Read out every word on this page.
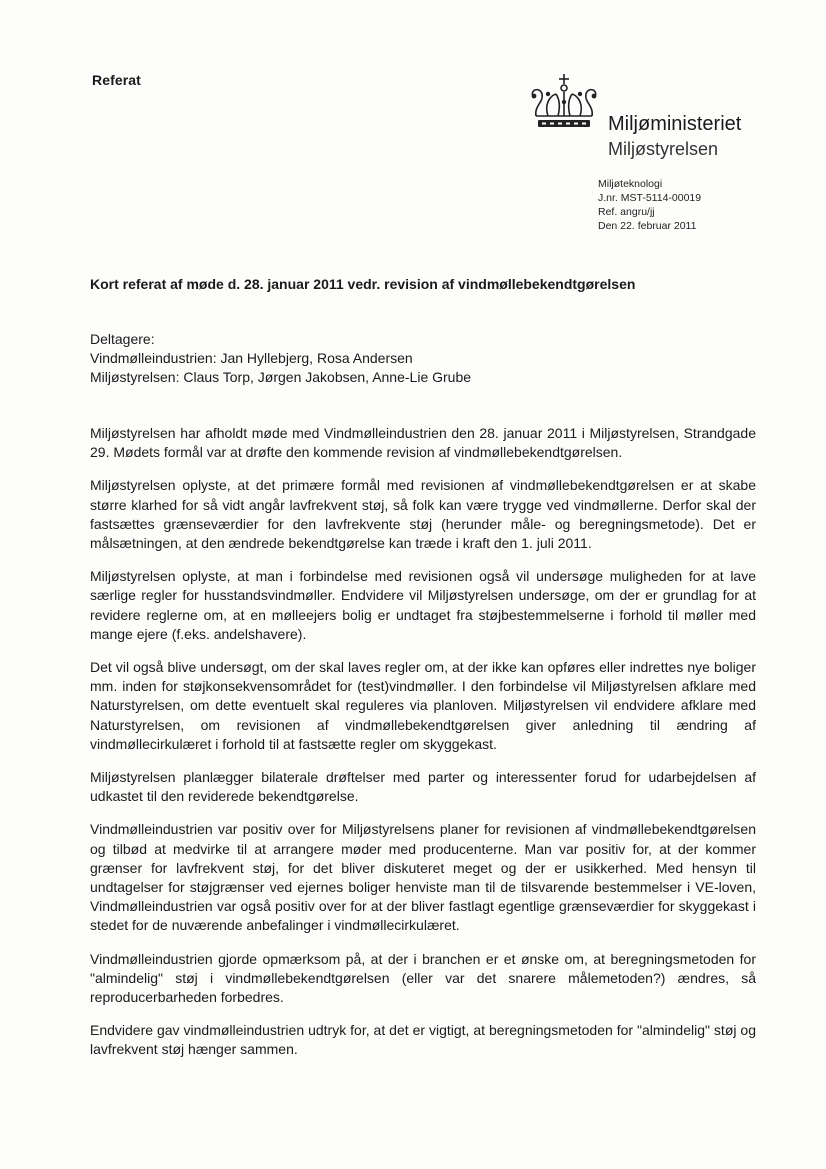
Referat
Miljøministeriet
Miljøstyrelsen
Miljøteknologi
J.nr. MST-5114-00019
Ref. angru/jj
Den 22. februar 2011
Kort referat af møde d. 28. januar 2011 vedr. revision af vindmøllebekendtgørelsen
Deltagere:
Vindmølleindustrien: Jan Hyllebjerg, Rosa Andersen
Miljøstyrelsen: Claus Torp, Jørgen Jakobsen, Anne-Lie Grube

Miljøstyrelsen har afholdt møde med Vindmølleindustrien den 28. januar 2011 i Miljøstyrelsen, Strandgade 29. Mødets formål var at drøfte den kommende revision af vindmøllebekendtgørelsen.

Miljøstyrelsen oplyste, at det primære formål med revisionen af vindmøllebekendtgørelsen er at skabe større klarhed for så vidt angår lavfrekvent støj, så folk kan være trygge ved vindmøllerne. Derfor skal der fastsættes grænseværdier for den lavfrekvente støj (herunder måle- og beregningsmetode). Det er målsætningen, at den ændrede bekendtgørelse kan træde i kraft den 1. juli 2011.

Miljøstyrelsen oplyste, at man i forbindelse med revisionen også vil undersøge muligheden for at lave særlige regler for husstandsvindmøller. Endvidere vil Miljøstyrelsen undersøge, om der er grundlag for at revidere reglerne om, at en mølleejers bolig er undtaget fra støjbestemmelserne i forhold til møller med mange ejere (f.eks. andelshavere).

Det vil også blive undersøgt, om der skal laves regler om, at der ikke kan opføres eller indrettes nye boliger mm. inden for støjkonsekvensområdet for (test)vindmøller. I den forbindelse vil Miljøstyrelsen afklare med Naturstyrelsen, om dette eventuelt skal reguleres via planloven. Miljøstyrelsen vil endvidere afklare med Naturstyrelsen, om revisionen af vindmøllebekendtgørelsen giver anledning til ændring af vindmøllecirkulæret i forhold til at fastsætte regler om skyggekast.

Miljøstyrelsen planlægger bilaterale drøftelser med parter og interessenter forud for udarbejdelsen af udkastet til den reviderede bekendtgørelse.

Vindmølleindustrien var positiv over for Miljøstyrelsens planer for revisionen af vindmøllebekendtgørelsen og tilbød at medvirke til at arrangere møder med producenterne. Man var positiv for, at der kommer grænser for lavfrekvent støj, for det bliver diskuteret meget og der er usikkerhed. Med hensyn til undtagelser for støjgrænser ved ejernes boliger henviste man til de tilsvarende bestemmelser i VE-loven, Vindmølleindustrien var også positiv over for at der bliver fastlagt egentlige grænseværdier for skyggekast i stedet for de nuværende anbefalinger i vindmøllecirkulæret.

Vindmølleindustrien gjorde opmærksom på, at der i branchen er et ønske om, at beregningsmetoden for "almindelig" støj i vindmøllebekendtgørelsen (eller var det snarere målemetoden?) ændres, så reproducerbarheden forbedres.

Endvidere gav vindmølleindustrien udtryk for, at det er vigtigt, at beregningsmetoden for "almindelig" støj og lavfrekvent støj hænger sammen.
